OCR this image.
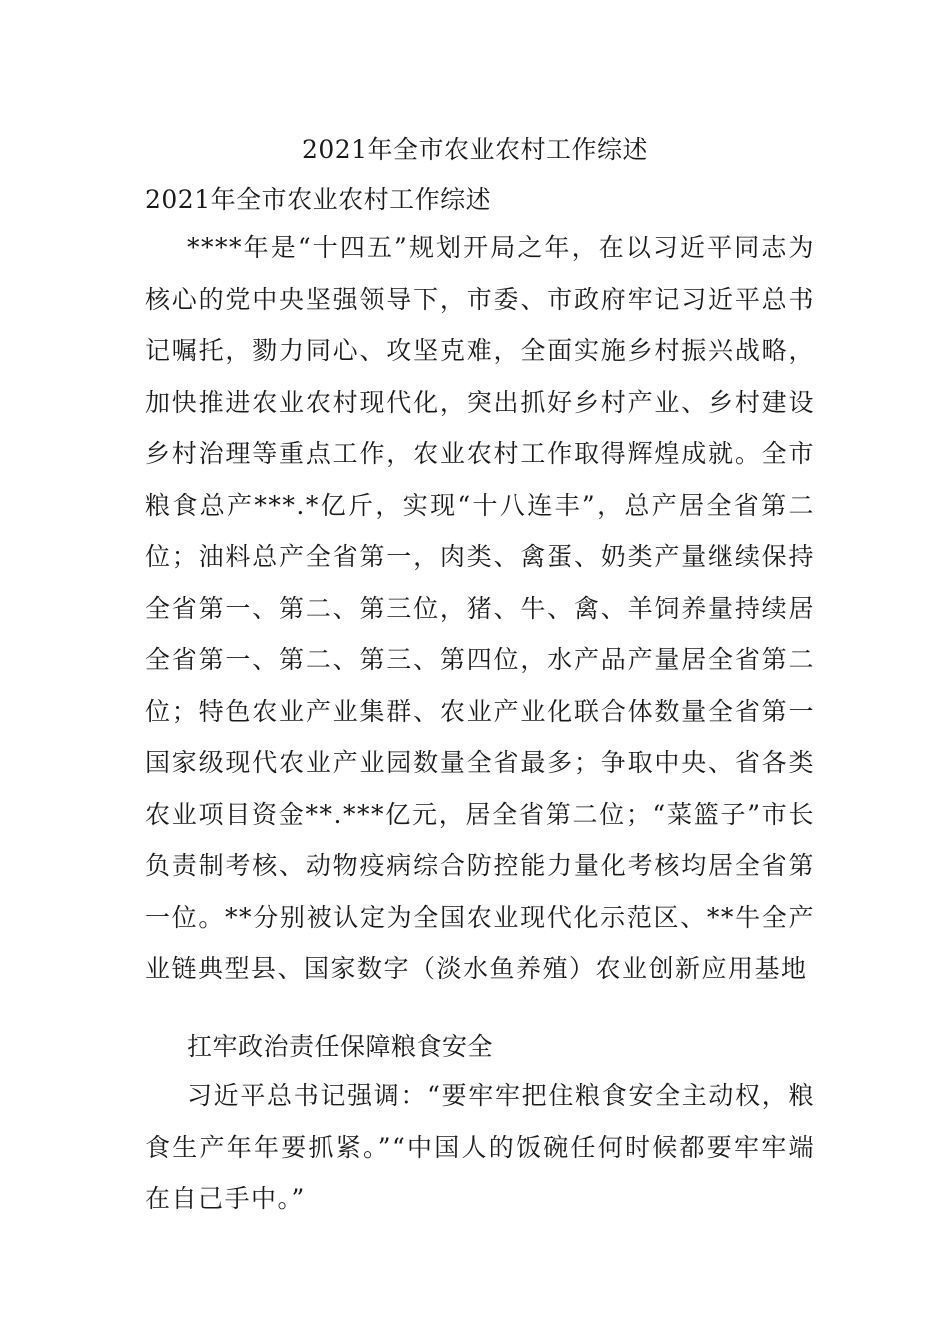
2021年全市农业农村工作综述
2021年全市农业农村工作综述

****年是“十四五”规划开局之年，在以习近平同志为核心的党中央坚强领导下，市委、市政府牢记习近平总书记嘱托，勠力同心、攻坚克难，全面实施乡村振兴战略，加快推进农业农村现代化，突出抓好乡村产业、乡村建设乡村治理等重点工作，农业农村工作取得辉煌成就。全市粮食总产***.*亿斤，实现“十八连丰”，总产居全省第二位；油料总产全省第一，肉类、禽蛋、奶类产量继续保持全省第一、第二、第三位，猪、牛、禽、羊饲养量持续居全省第一、第二、第三、第四位，水产品产量居全省第二位；特色农业产业集群、农业产业化联合体数量全省第一国家级现代农业产业园数量全省最多；争取中央、省各类农业项目资金**.***亿元，居全省第二位；“菜篮子”市长负责制考核、动物疫病综合防控能力量化考核均居全省第一位。**分别被认定为全国农业现代化示范区、**牛全产业链典型县、国家数字（淡水鱼养殖）农业创新应用基地

扛牢政治责任保障粮食安全

习近平总书记强调：“要牢牢把住粮食安全主动权，粮食生产年年要抓紧。”“中国人的饭碗任何时候都要牢牢端在自己手中。”
